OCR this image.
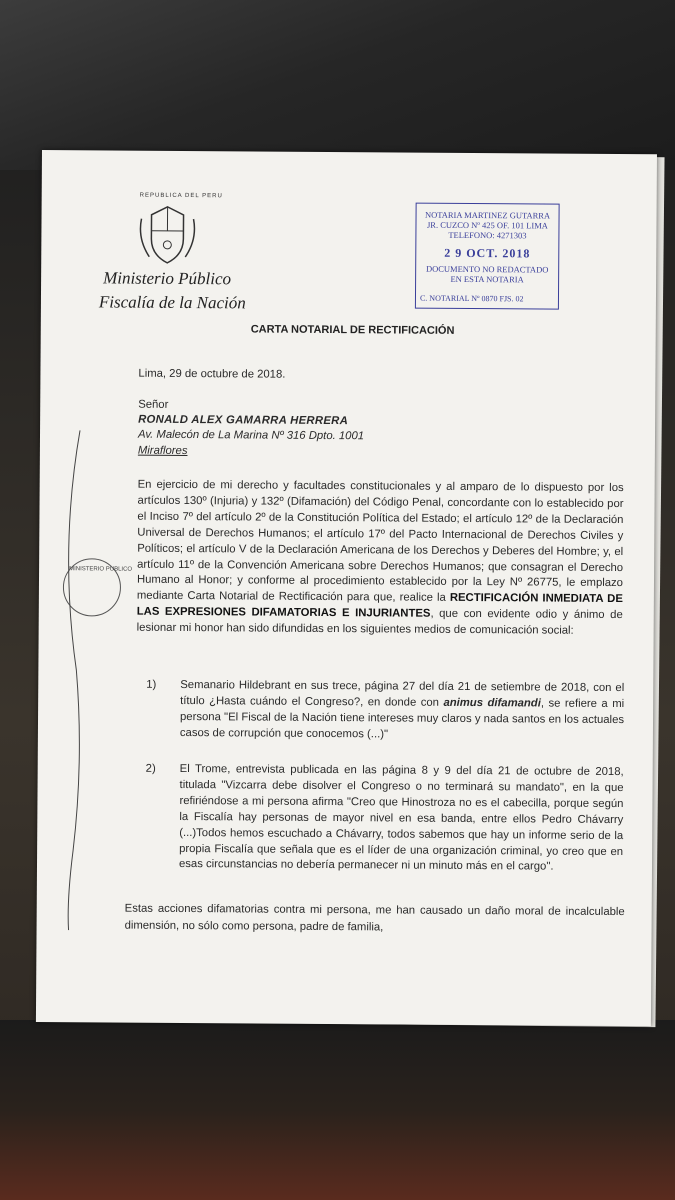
REPUBLICA DEL PERU
Ministerio Público
Fiscalía de la Nación
NOTARIA MARTINEZ GUTARRA
JR. CUZCO Nº 425 OF. 101 LIMA
TELEFONO: 4271303
2 9 OCT. 2018
DOCUMENTO NO REDACTADO
EN ESTA NOTARIA
C. NOTARIAL Nº 0870 FJS. 02
CARTA NOTARIAL DE RECTIFICACIÓN
Lima, 29 de octubre de 2018.
Señor
RONALD ALEX GAMARRA HERRERA
Av. Malecón de La Marina Nº 316 Dpto. 1001
Miraflores
En ejercicio de mi derecho y facultades constitucionales y al amparo de lo dispuesto por los artículos 130º (Injuria) y 132º (Difamación) del Código Penal, concordante con lo establecido por el Inciso 7º del artículo 2º de la Constitución Política del Estado; el artículo 12º de la Declaración Universal de Derechos Humanos; el artículo 17º del Pacto Internacional de Derechos Civiles y Políticos; el artículo V de la Declaración Americana de los Derechos y Deberes del Hombre; y, el artículo 11º de la Convención Americana sobre Derechos Humanos; que consagran el Derecho Humano al Honor; y conforme al procedimiento establecido por la Ley Nº 26775, le emplazo mediante Carta Notarial de Rectificación para que, realice la RECTIFICACIÓN INMEDIATA DE LAS EXPRESIONES DIFAMATORIAS E INJURIANTES, que con evidente odio y ánimo de lesionar mi honor han sido difundidas en los siguientes medios de comunicación social:
1) Semanario Hildebrant en sus trece, página 27 del día 21 de setiembre de 2018, con el título ¿Hasta cuándo el Congreso?, en donde con animus difamandi, se refiere a mi persona "El Fiscal de la Nación tiene intereses muy claros y nada santos en los actuales casos de corrupción que conocemos (...)"
2) El Trome, entrevista publicada en las página 8 y 9 del día 21 de octubre de 2018, titulada "Vizcarra debe disolver el Congreso o no terminará su mandato", en la que refiriéndose a mi persona afirma "Creo que Hinostroza no es el cabecilla, porque según la Fiscalía hay personas de mayor nivel en esa banda, entre ellos Pedro Chávarry (...)Todos hemos escuchado a Chávarry, todos sabemos que hay un informe serio de la propia Fiscalía que señala que es el líder de una organización criminal, yo creo que en esas circunstancias no debería permanecer ni un minuto más en el cargo".
Estas acciones difamatorias contra mi persona, me han causado un daño moral de incalculable dimensión, no sólo como persona, padre de familia,
MINISTERIO PUBLICO
